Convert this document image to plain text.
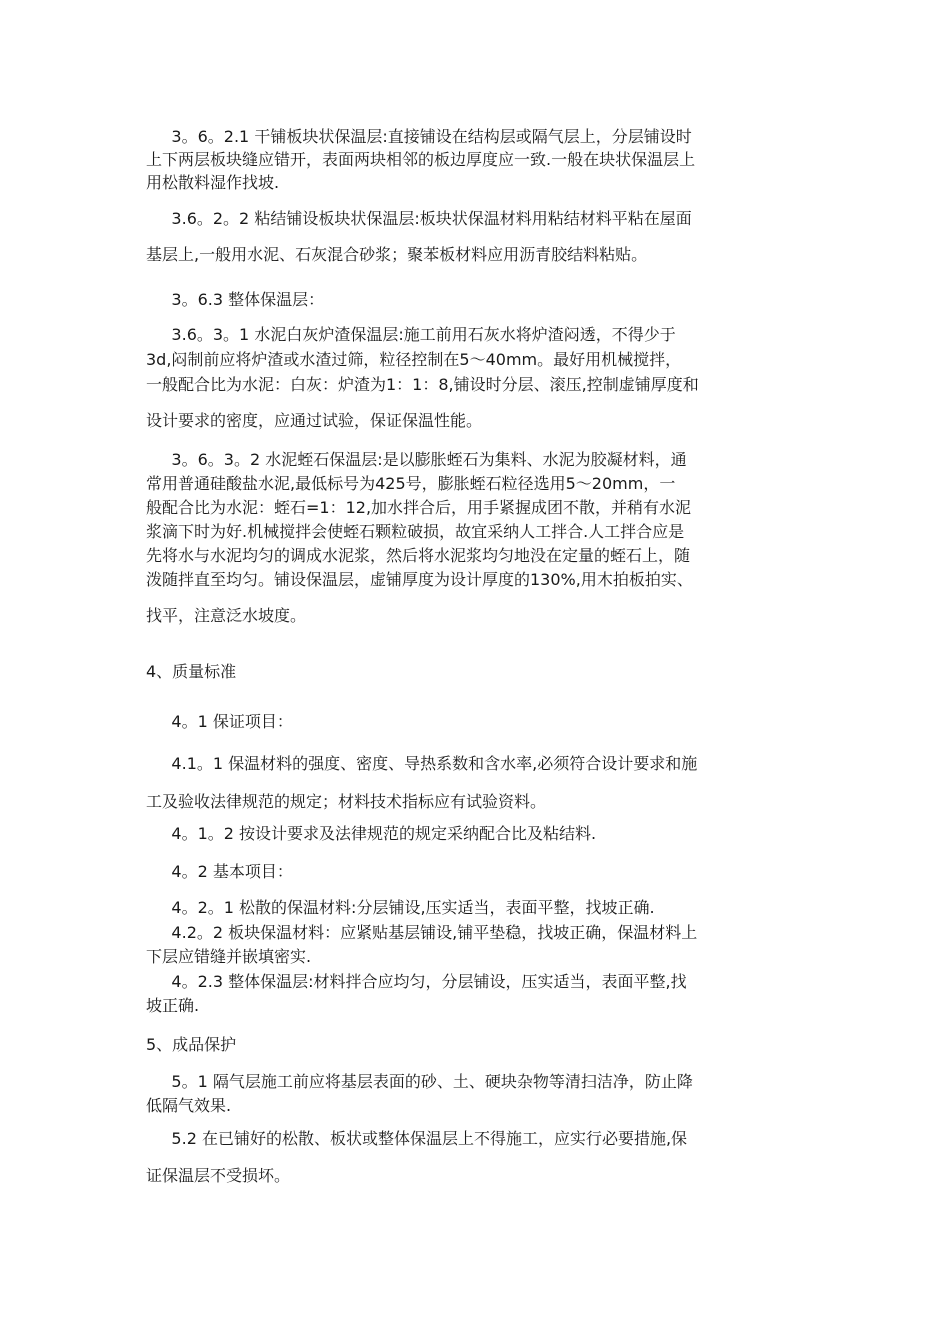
3。6。2.1 干铺板块状保温层:直接铺设在结构层或隔气层上，分层铺设时
上下两层板块缝应错开，表面两块相邻的板边厚度应一致.一般在块状保温层上
用松散料湿作找坡.
3.6。2。2 粘结铺设板块状保温层:板块状保温材料用粘结材料平粘在屋面
基层上,一般用水泥、石灰混合砂浆；聚苯板材料应用沥青胶结料粘贴。
3。6.3 整体保温层：
3.6。3。1 水泥白灰炉渣保温层:施工前用石灰水将炉渣闷透，不得少于
3d,闷制前应将炉渣或水渣过筛，粒径控制在5～40mm。最好用机械搅拌，
一般配合比为水泥：白灰：炉渣为1：1：8,铺设时分层、滚压,控制虚铺厚度和
设计要求的密度，应通过试验，保证保温性能。
3。6。3。2 水泥蛭石保温层:是以膨胀蛭石为集料、水泥为胶凝材料，通
常用普通硅酸盐水泥,最低标号为425号，膨胀蛭石粒径选用5～20mm，一
般配合比为水泥：蛭石=1：12,加水拌合后，用手紧握成团不散，并稍有水泥
浆滴下时为好.机械搅拌会使蛭石颗粒破损，故宜采纳人工拌合.人工拌合应是
先将水与水泥均匀的调成水泥浆，然后将水泥浆均匀地没在定量的蛭石上，随
泼随拌直至均匀。铺设保温层，虚铺厚度为设计厚度的130%,用木拍板拍实、
找平，注意泛水坡度。
4、质量标准
4。1 保证项目：
4.1。1 保温材料的强度、密度、导热系数和含水率,必须符合设计要求和施
工及验收法律规范的规定；材料技术指标应有试验资料。
4。1。2 按设计要求及法律规范的规定采纳配合比及粘结料.
4。2 基本项目：
4。2。1 松散的保温材料:分层铺设,压实适当，表面平整，找坡正确.
4.2。2 板块保温材料：应紧贴基层铺设,铺平垫稳，找坡正确，保温材料上
下层应错缝并嵌填密实.
4。2.3 整体保温层:材料拌合应均匀，分层铺设，压实适当，表面平整,找
坡正确.
5、成品保护
5。1 隔气层施工前应将基层表面的砂、土、硬块杂物等清扫洁净，防止降
低隔气效果.
5.2 在已铺好的松散、板状或整体保温层上不得施工，应实行必要措施,保
证保温层不受损坏。
